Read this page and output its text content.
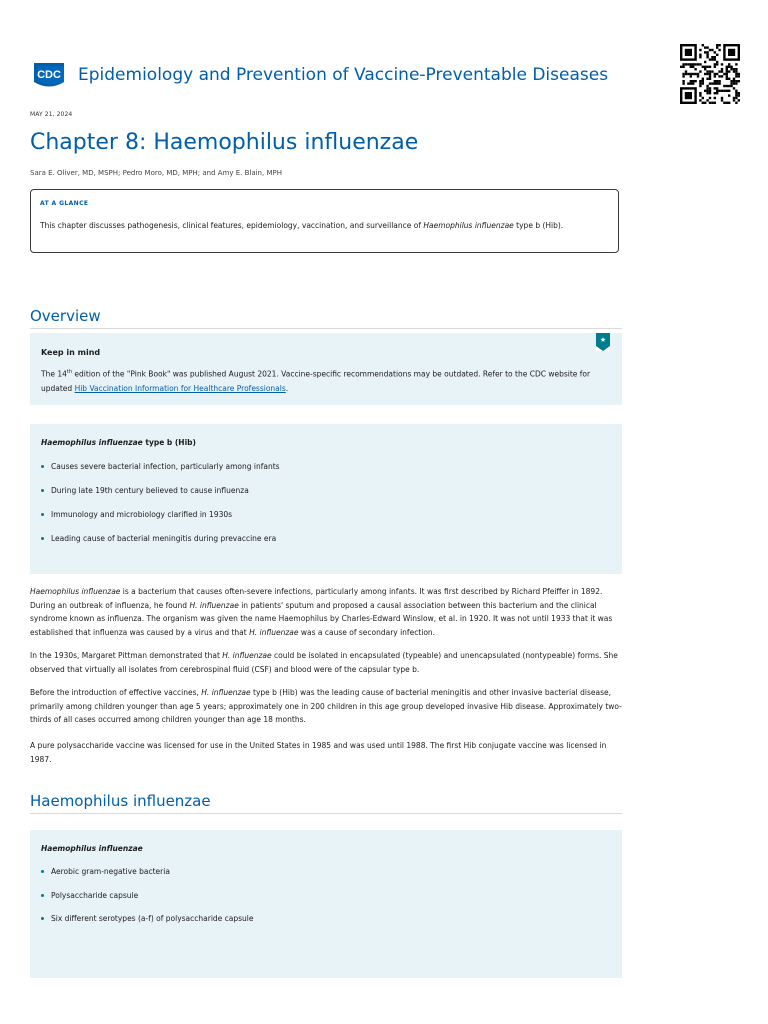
CDC Epidemiology and Prevention of Vaccine-Preventable Diseases
MAY 21, 2024
Chapter 8: Haemophilus influenzae
Sara E. Oliver, MD, MSPH; Pedro Moro, MD, MPH; and Amy E. Blain, MPH
AT A GLANCE
This chapter discusses pathogenesis, clinical features, epidemiology, vaccination, and surveillance of Haemophilus influenzae type b (Hib).
Overview
★
Keep in mind
The 14th edition of the "Pink Book" was published August 2021. Vaccine-specific recommendations may be outdated. Refer to the CDC website for updated Hib Vaccination Information for Healthcare Professionals.
Haemophilus influenzae type b (Hib)
Causes severe bacterial infection, particularly among infants
During late 19th century believed to cause influenza
Immunology and microbiology clarified in 1930s
Leading cause of bacterial meningitis during prevaccine era

Haemophilus influenzae is a bacterium that causes often-severe infections, particularly among infants. It was first described by Richard Pfeiffer in 1892. During an outbreak of influenza, he found H. influenzae in patients' sputum and proposed a causal association between this bacterium and the clinical syndrome known as influenza. The organism was given the name Haemophilus by Charles-Edward Winslow, et al. in 1920. It was not until 1933 that it was established that influenza was caused by a virus and that H. influenzae was a cause of secondary infection.

In the 1930s, Margaret Pittman demonstrated that H. influenzae could be isolated in encapsulated (typeable) and unencapsulated (nontypeable) forms. She observed that virtually all isolates from cerebrospinal fluid (CSF) and blood were of the capsular type b.

Before the introduction of effective vaccines, H. influenzae type b (Hib) was the leading cause of bacterial meningitis and other invasive bacterial disease, primarily among children younger than age 5 years; approximately one in 200 children in this age group developed invasive Hib disease. Approximately two-thirds of all cases occurred among children younger than age 18 months.

A pure polysaccharide vaccine was licensed for use in the United States in 1985 and was used until 1988. The first Hib conjugate vaccine was licensed in 1987.

Haemophilus influenzae
Haemophilus influenzae
Aerobic gram-negative bacteria
Polysaccharide capsule
Six different serotypes (a-f) of polysaccharide capsule
